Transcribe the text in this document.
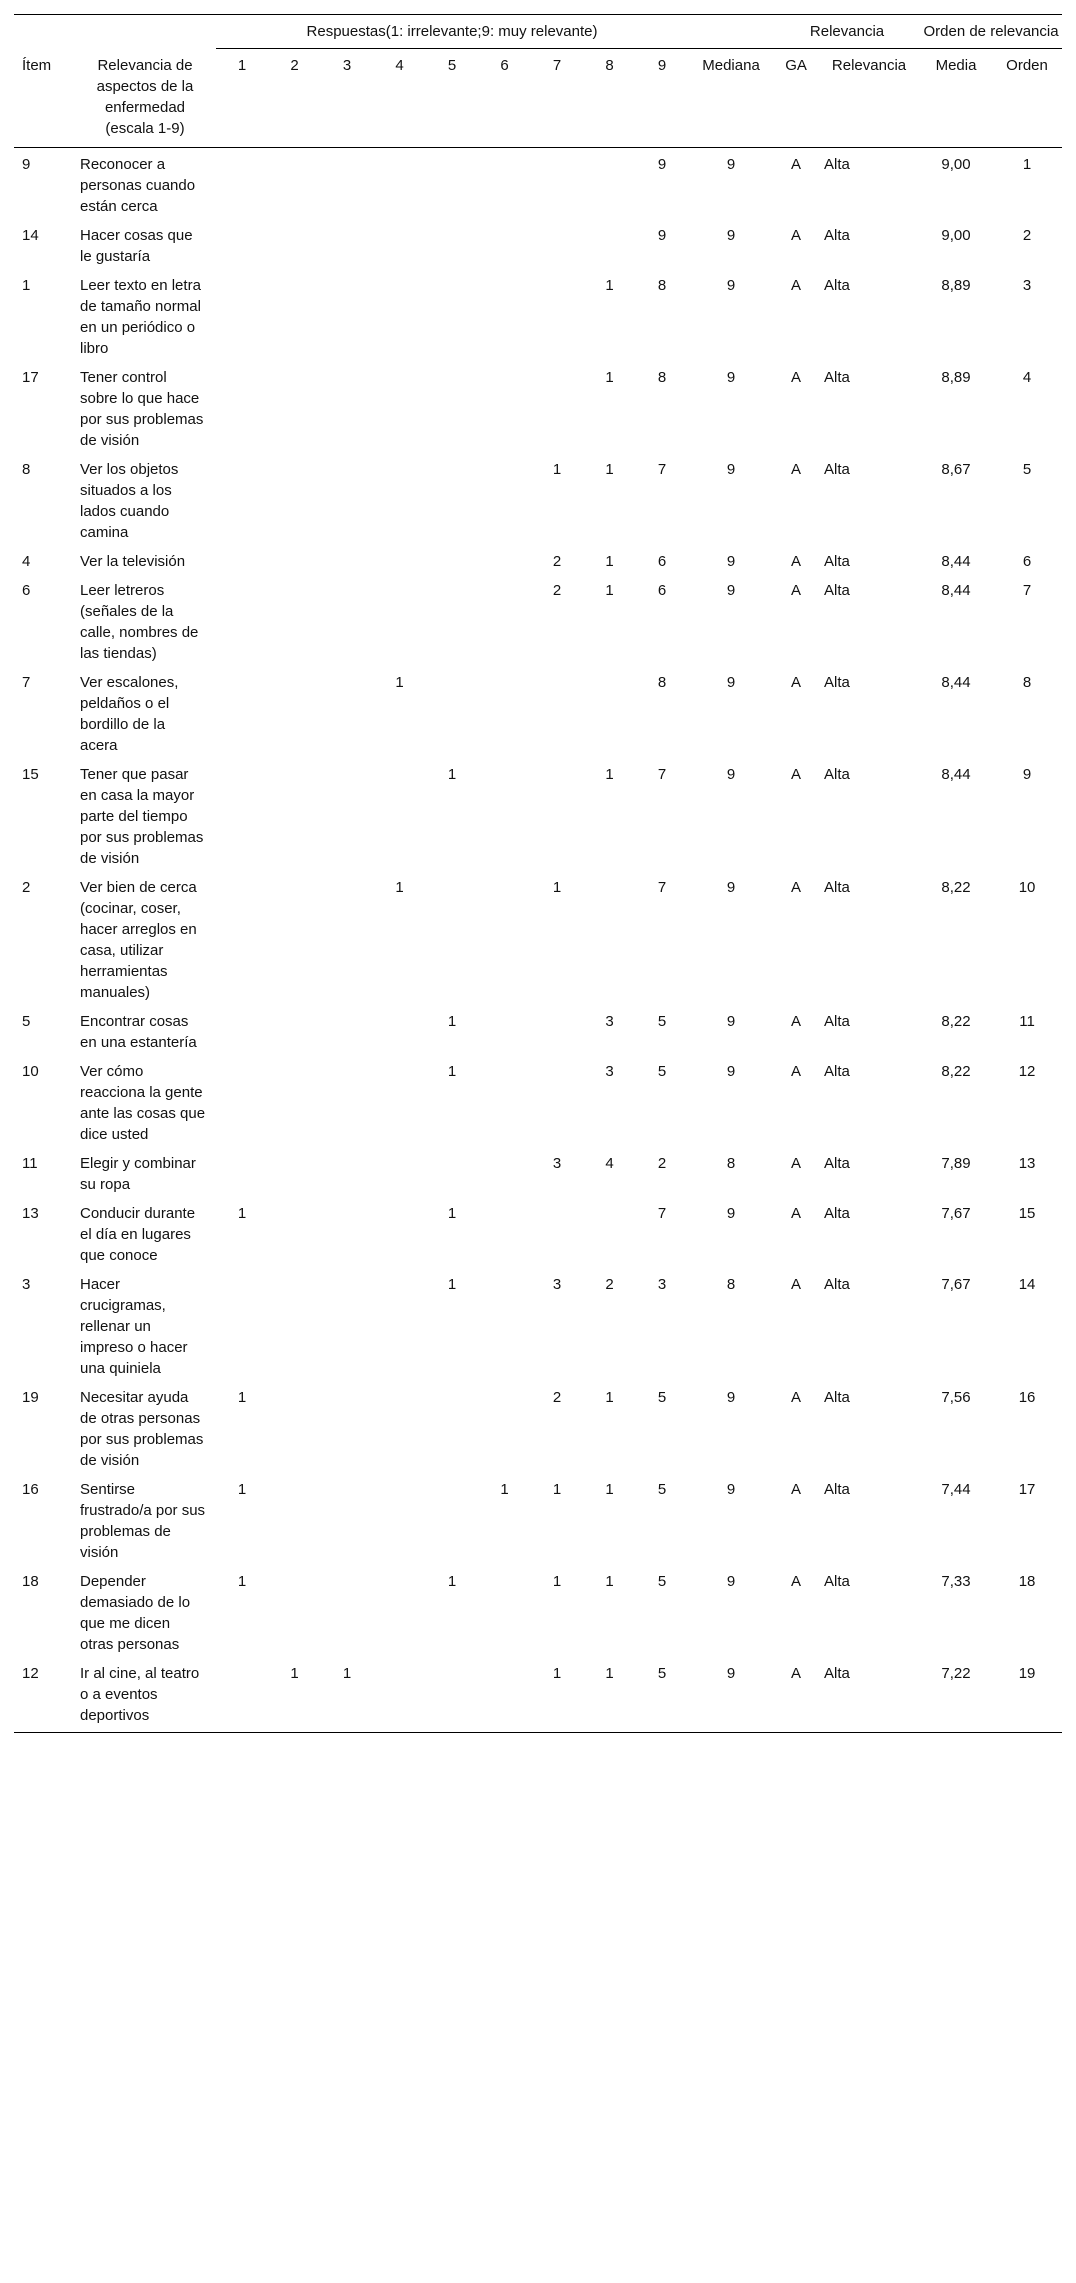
		Respuestas(1: irrelevante;9: muy relevante)										Relevancia		Orden de relevancia	
Ítem	Relevancia de aspectos de la enfermedad (escala 1-9)	1	2	3	4	5	6	7	8	9	Mediana	GA	Relevancia	Media	Orden
9	Reconocer a personas cuando están cerca									9	9	A	Alta	9,00	1
14	Hacer cosas que le gustaría									9	9	A	Alta	9,00	2
1	Leer texto en letra de tamaño normal en un periódico o libro								1	8	9	A	Alta	8,89	3
17	Tener control sobre lo que hace por sus problemas de visión								1	8	9	A	Alta	8,89	4
8	Ver los objetos situados a los lados cuando camina							1	1	7	9	A	Alta	8,67	5
4	Ver la televisión							2	1	6	9	A	Alta	8,44	6
6	Leer letreros (señales de la calle, nombres de las tiendas)							2	1	6	9	A	Alta	8,44	7
7	Ver escalones, peldaños o el bordillo de la acera				1					8	9	A	Alta	8,44	8
15	Tener que pasar en casa la mayor parte del tiempo por sus problemas de visión					1			1	7	9	A	Alta	8,44	9
2	Ver bien de cerca (cocinar, coser, hacer arreglos en casa, utilizar herramientas manuales)				1			1		7	9	A	Alta	8,22	10
5	Encontrar cosas en una estantería					1			3	5	9	A	Alta	8,22	11
10	Ver cómo reacciona la gente ante las cosas que dice usted					1			3	5	9	A	Alta	8,22	12
11	Elegir y combinar su ropa							3	4	2	8	A	Alta	7,89	13
13	Conducir durante el día en lugares que conoce	1				1				7	9	A	Alta	7,67	15
3	Hacer crucigramas, rellenar un impreso o hacer una quiniela					1		3	2	3	8	A	Alta	7,67	14
19	Necesitar ayuda de otras personas por sus problemas de visión	1						2	1	5	9	A	Alta	7,56	16
16	Sentirse frustrado/a por sus problemas de visión	1					1	1	1	5	9	A	Alta	7,44	17
18	Depender demasiado de lo que me dicen otras personas	1				1		1	1	5	9	A	Alta	7,33	18
12	Ir al cine, al teatro o a eventos deportivos		1	1				1	1	5	9	A	Alta	7,22	19
